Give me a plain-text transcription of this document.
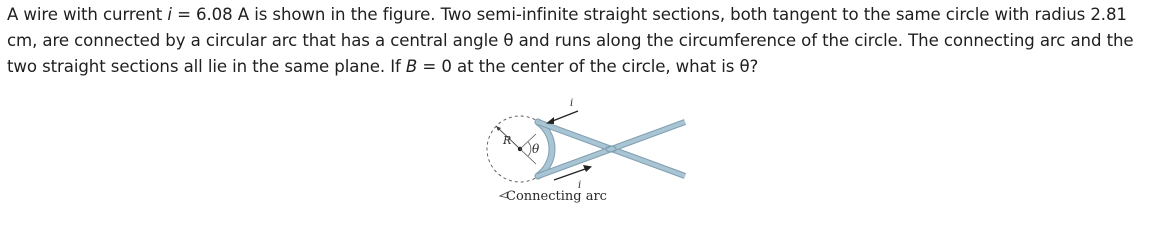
A wire with current i = 6.08 A is shown in the figure. Two semi-infinite straight sections, both tangent to the same circle with radius 2.81 cm, are connected by a circular arc that has a central angle θ and runs along the circumference of the circle. The connecting arc and the two straight sections all lie in the same plane. If B = 0 at the center of the circle, what is θ?
R
θ
i
i
Connecting arc
